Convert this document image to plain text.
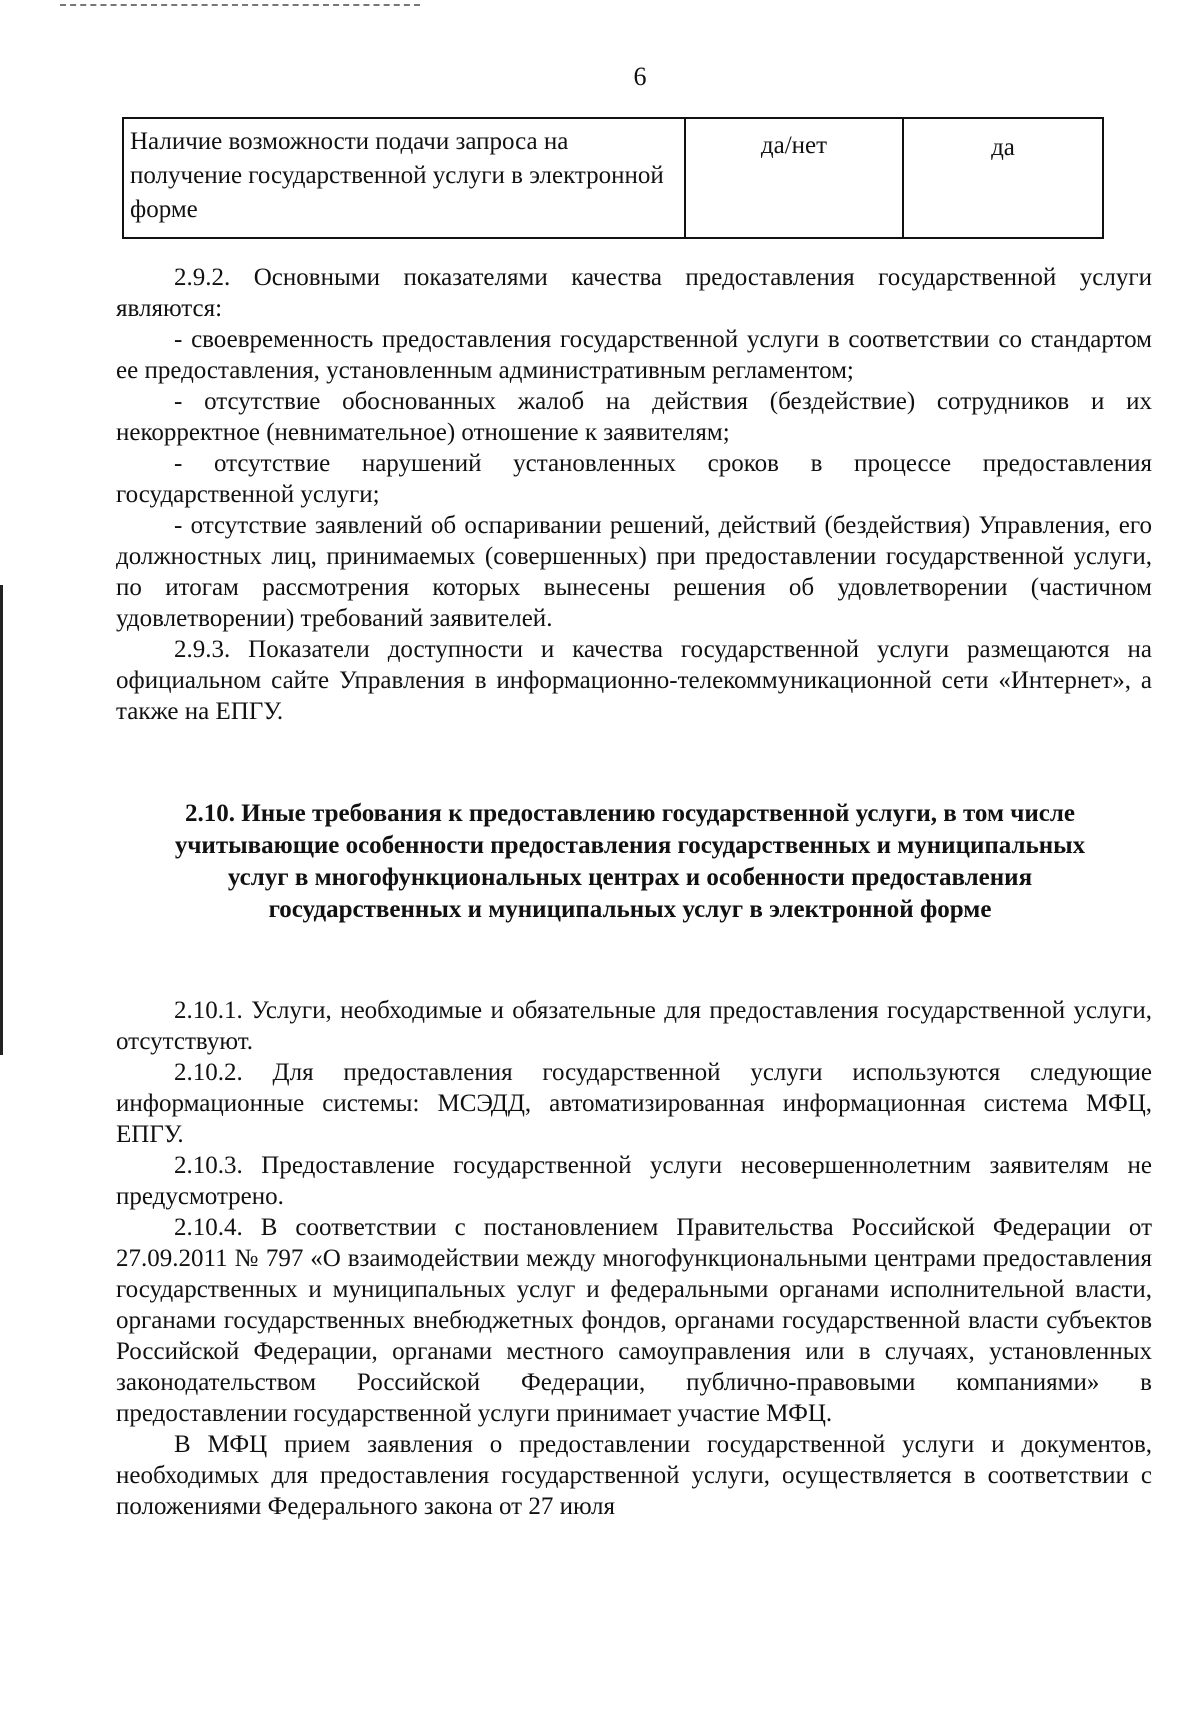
6
Наличие возможности подачи запроса на получение государственной услуги в электронной форме	да/нет	да

2.9.2. Основными показателями качества предоставления государственной услуги являются:

- своевременность предоставления государственной услуги в соответствии со стандартом ее предоставления, установленным административным регламентом;

- отсутствие обоснованных жалоб на действия (бездействие) сотрудников и их некорректное (невнимательное) отношение к заявителям;

- отсутствие нарушений установленных сроков в процессе предоставления государственной услуги;

- отсутствие заявлений об оспаривании решений, действий (бездействия) Управления, его должностных лиц, принимаемых (совершенных) при предоставлении государственной услуги, по итогам рассмотрения которых вынесены решения об удовлетворении (частичном удовлетворении) требований заявителей.

2.9.3. Показатели доступности и качества государственной услуги размещаются на официальном сайте Управления в информационно-телекоммуникационной сети «Интернет», а также на ЕПГУ.

2.10. Иные требования к предоставлению государственной услуги, в том числе учитывающие особенности предоставления государственных и муниципальных услуг в многофункциональных центрах и особенности предоставления государственных и муниципальных услуг в электронной форме

2.10.1. Услуги, необходимые и обязательные для предоставления государственной услуги, отсутствуют.

2.10.2. Для предоставления государственной услуги используются следующие информационные системы: МСЭДД, автоматизированная информационная система МФЦ, ЕПГУ.

2.10.3. Предоставление государственной услуги несовершеннолетним заявителям не предусмотрено.

2.10.4. В соответствии с постановлением Правительства Российской Федерации от 27.09.2011 № 797 «О взаимодействии между многофункциональными центрами предоставления государственных и муниципальных услуг и федеральными органами исполнительной власти, органами государственных внебюджетных фондов, органами государственной власти субъектов Российской Федерации, органами местного самоуправления или в случаях, установленных законодательством Российской Федерации, публично-правовыми компаниями» в предоставлении государственной услуги принимает участие МФЦ.

В МФЦ прием заявления о предоставлении государственной услуги и документов, необходимых для предоставления государственной услуги, осуществляется в соответствии с положениями Федерального закона от 27 июля
